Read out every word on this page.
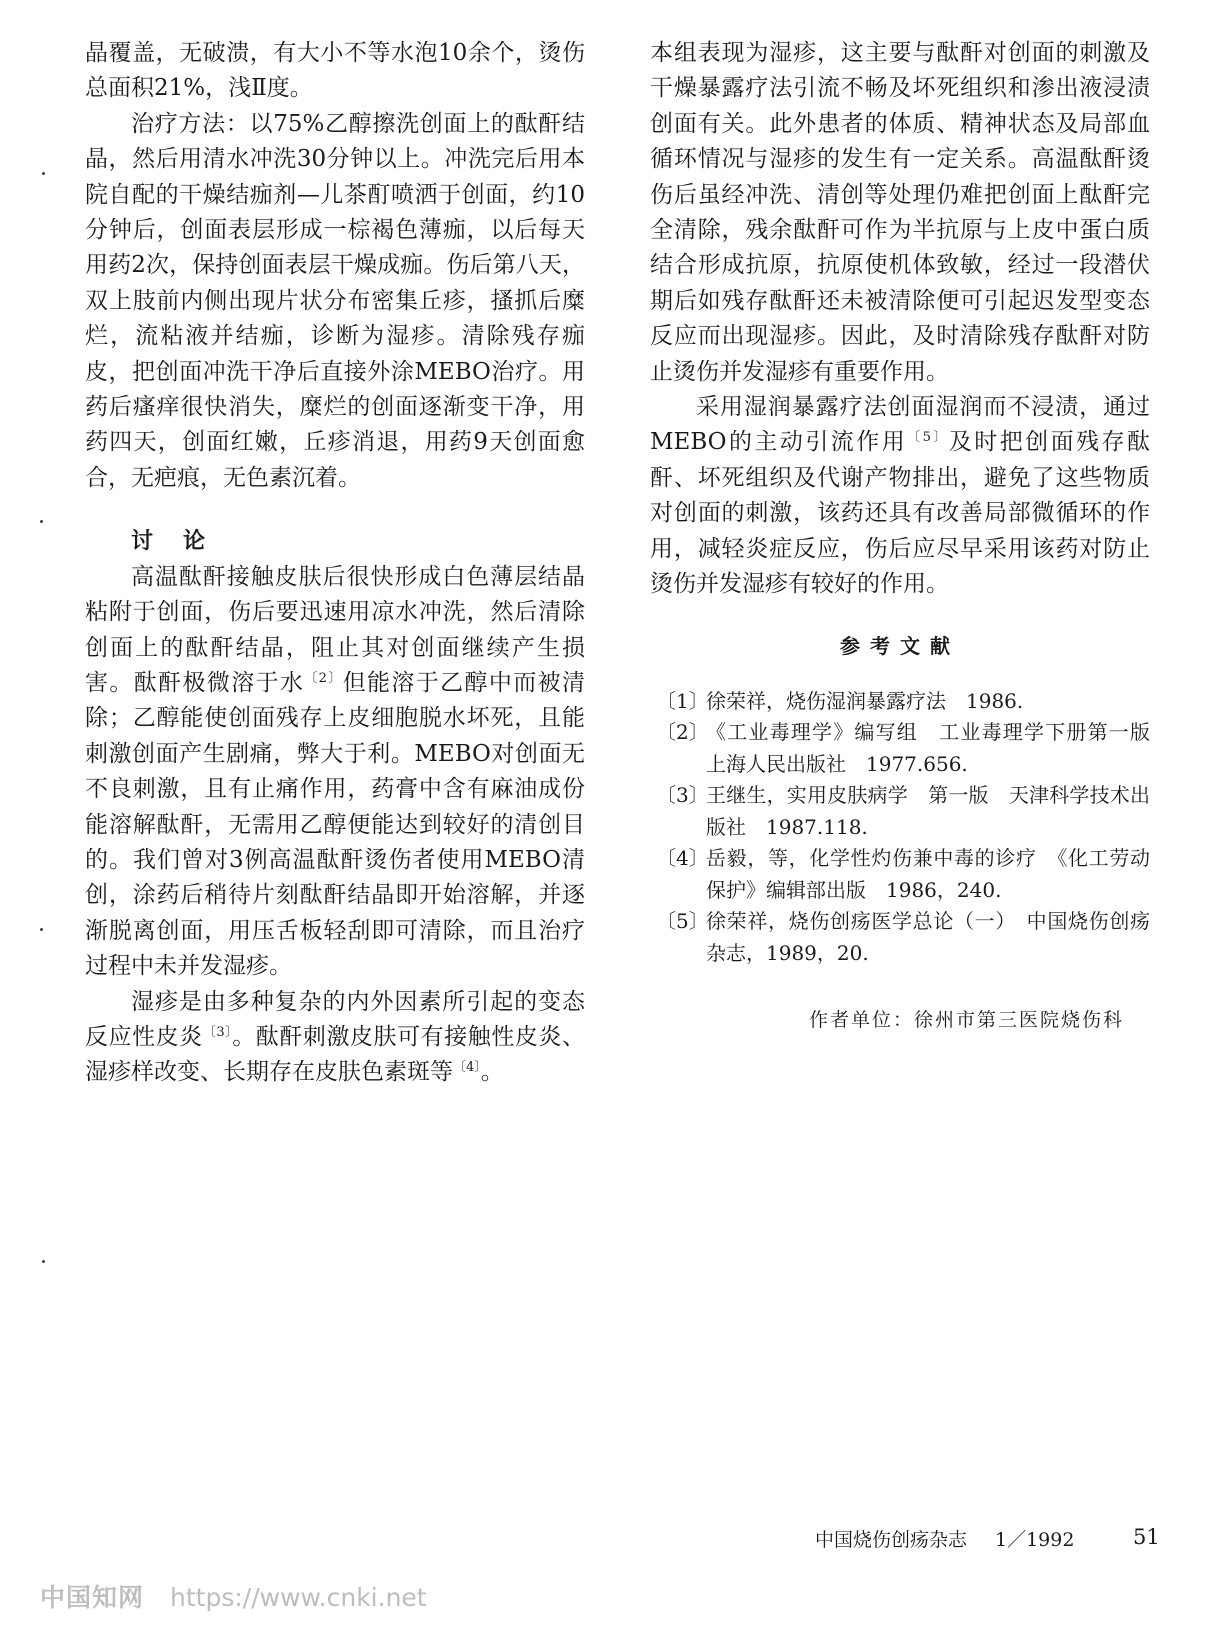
晶覆盖，无破溃，有大小不等水泡10余个，烫伤总面积21%，浅Ⅱ度。

治疗方法：以75%乙醇擦洗创面上的酞酐结晶，然后用清水冲洗30分钟以上。冲洗完后用本院自配的干燥结痂剂—儿茶酊喷洒于创面，约10分钟后，创面表层形成一棕褐色薄痂，以后每天用药2次，保持创面表层干燥成痂。伤后第八天，双上肢前内侧出现片状分布密集丘疹，搔抓后糜烂，流粘液并结痂，诊断为湿疹。清除残存痂皮，把创面冲洗干净后直接外涂MEBO治疗。用药后瘙痒很快消失，糜烂的创面逐渐变干净，用药四天，创面红嫩，丘疹消退，用药9天创面愈合，无疤痕，无色素沉着。

讨论

高温酞酐接触皮肤后很快形成白色薄层结晶粘附于创面，伤后要迅速用凉水冲洗，然后清除创面上的酞酐结晶，阻止其对创面继续产生损害。酞酐极微溶于水$^{〔2〕}$但能溶于乙醇中而被清除；乙醇能使创面残存上皮细胞脱水坏死，且能刺激创面产生剧痛，弊大于利。MEBO对创面无不良刺激，且有止痛作用，药膏中含有麻油成份能溶解酞酐，无需用乙醇便能达到较好的清创目的。我们曾对3例高温酞酐烫伤者使用MEBO清创，涂药后稍待片刻酞酐结晶即开始溶解，并逐渐脱离创面，用压舌板轻刮即可清除，而且治疗过程中未并发湿疹。

湿疹是由多种复杂的内外因素所引起的变态反应性皮炎$^{〔3〕}$。酞酐刺激皮肤可有接触性皮炎、湿疹样改变、长期存在皮肤色素斑等$^{〔4〕}$。

本组表现为湿疹，这主要与酞酐对创面的刺激及干燥暴露疗法引流不畅及坏死组织和渗出液浸渍创面有关。此外患者的体质、精神状态及局部血循环情况与湿疹的发生有一定关系。高温酞酐烫伤后虽经冲洗、清创等处理仍难把创面上酞酐完全清除，残余酞酐可作为半抗原与上皮中蛋白质结合形成抗原，抗原使机体致敏，经过一段潜伏期后如残存酞酐还未被清除便可引起迟发型变态反应而出现湿疹。因此，及时清除残存酞酐对防止烫伤并发湿疹有重要作用。

采用湿润暴露疗法创面湿润而不浸渍，通过MEBO的主动引流作用$^{〔5〕}$及时把创面残存酞酐、坏死组织及代谢产物排出，避免了这些物质对创面的刺激，该药还具有改善局部微循环的作用，减轻炎症反应，伤后应尽早采用该药对防止烫伤并发湿疹有较好的作用。

参考文献
〔1〕
徐荣祥，烧伤湿润暴露疗法　1986.
〔2〕
《工业毒理学》编写组　工业毒理学下册第一版　上海人民出版社　1977.656.
〔3〕
王继生，实用皮肤病学　第一版　天津科学技术出版社　1987.118.
〔4〕
岳毅，等，化学性灼伤兼中毒的诊疗　《化工劳动保护》编辑部出版　1986，240.
〔5〕
徐荣祥，烧伤创疡医学总论（一）　中国烧伤创疡杂志，1989，20.
作者单位：徐州市第三医院烧伤科
中国烧伤创疡杂志 1／1992	51
中国知网 https://www.cnki.net
